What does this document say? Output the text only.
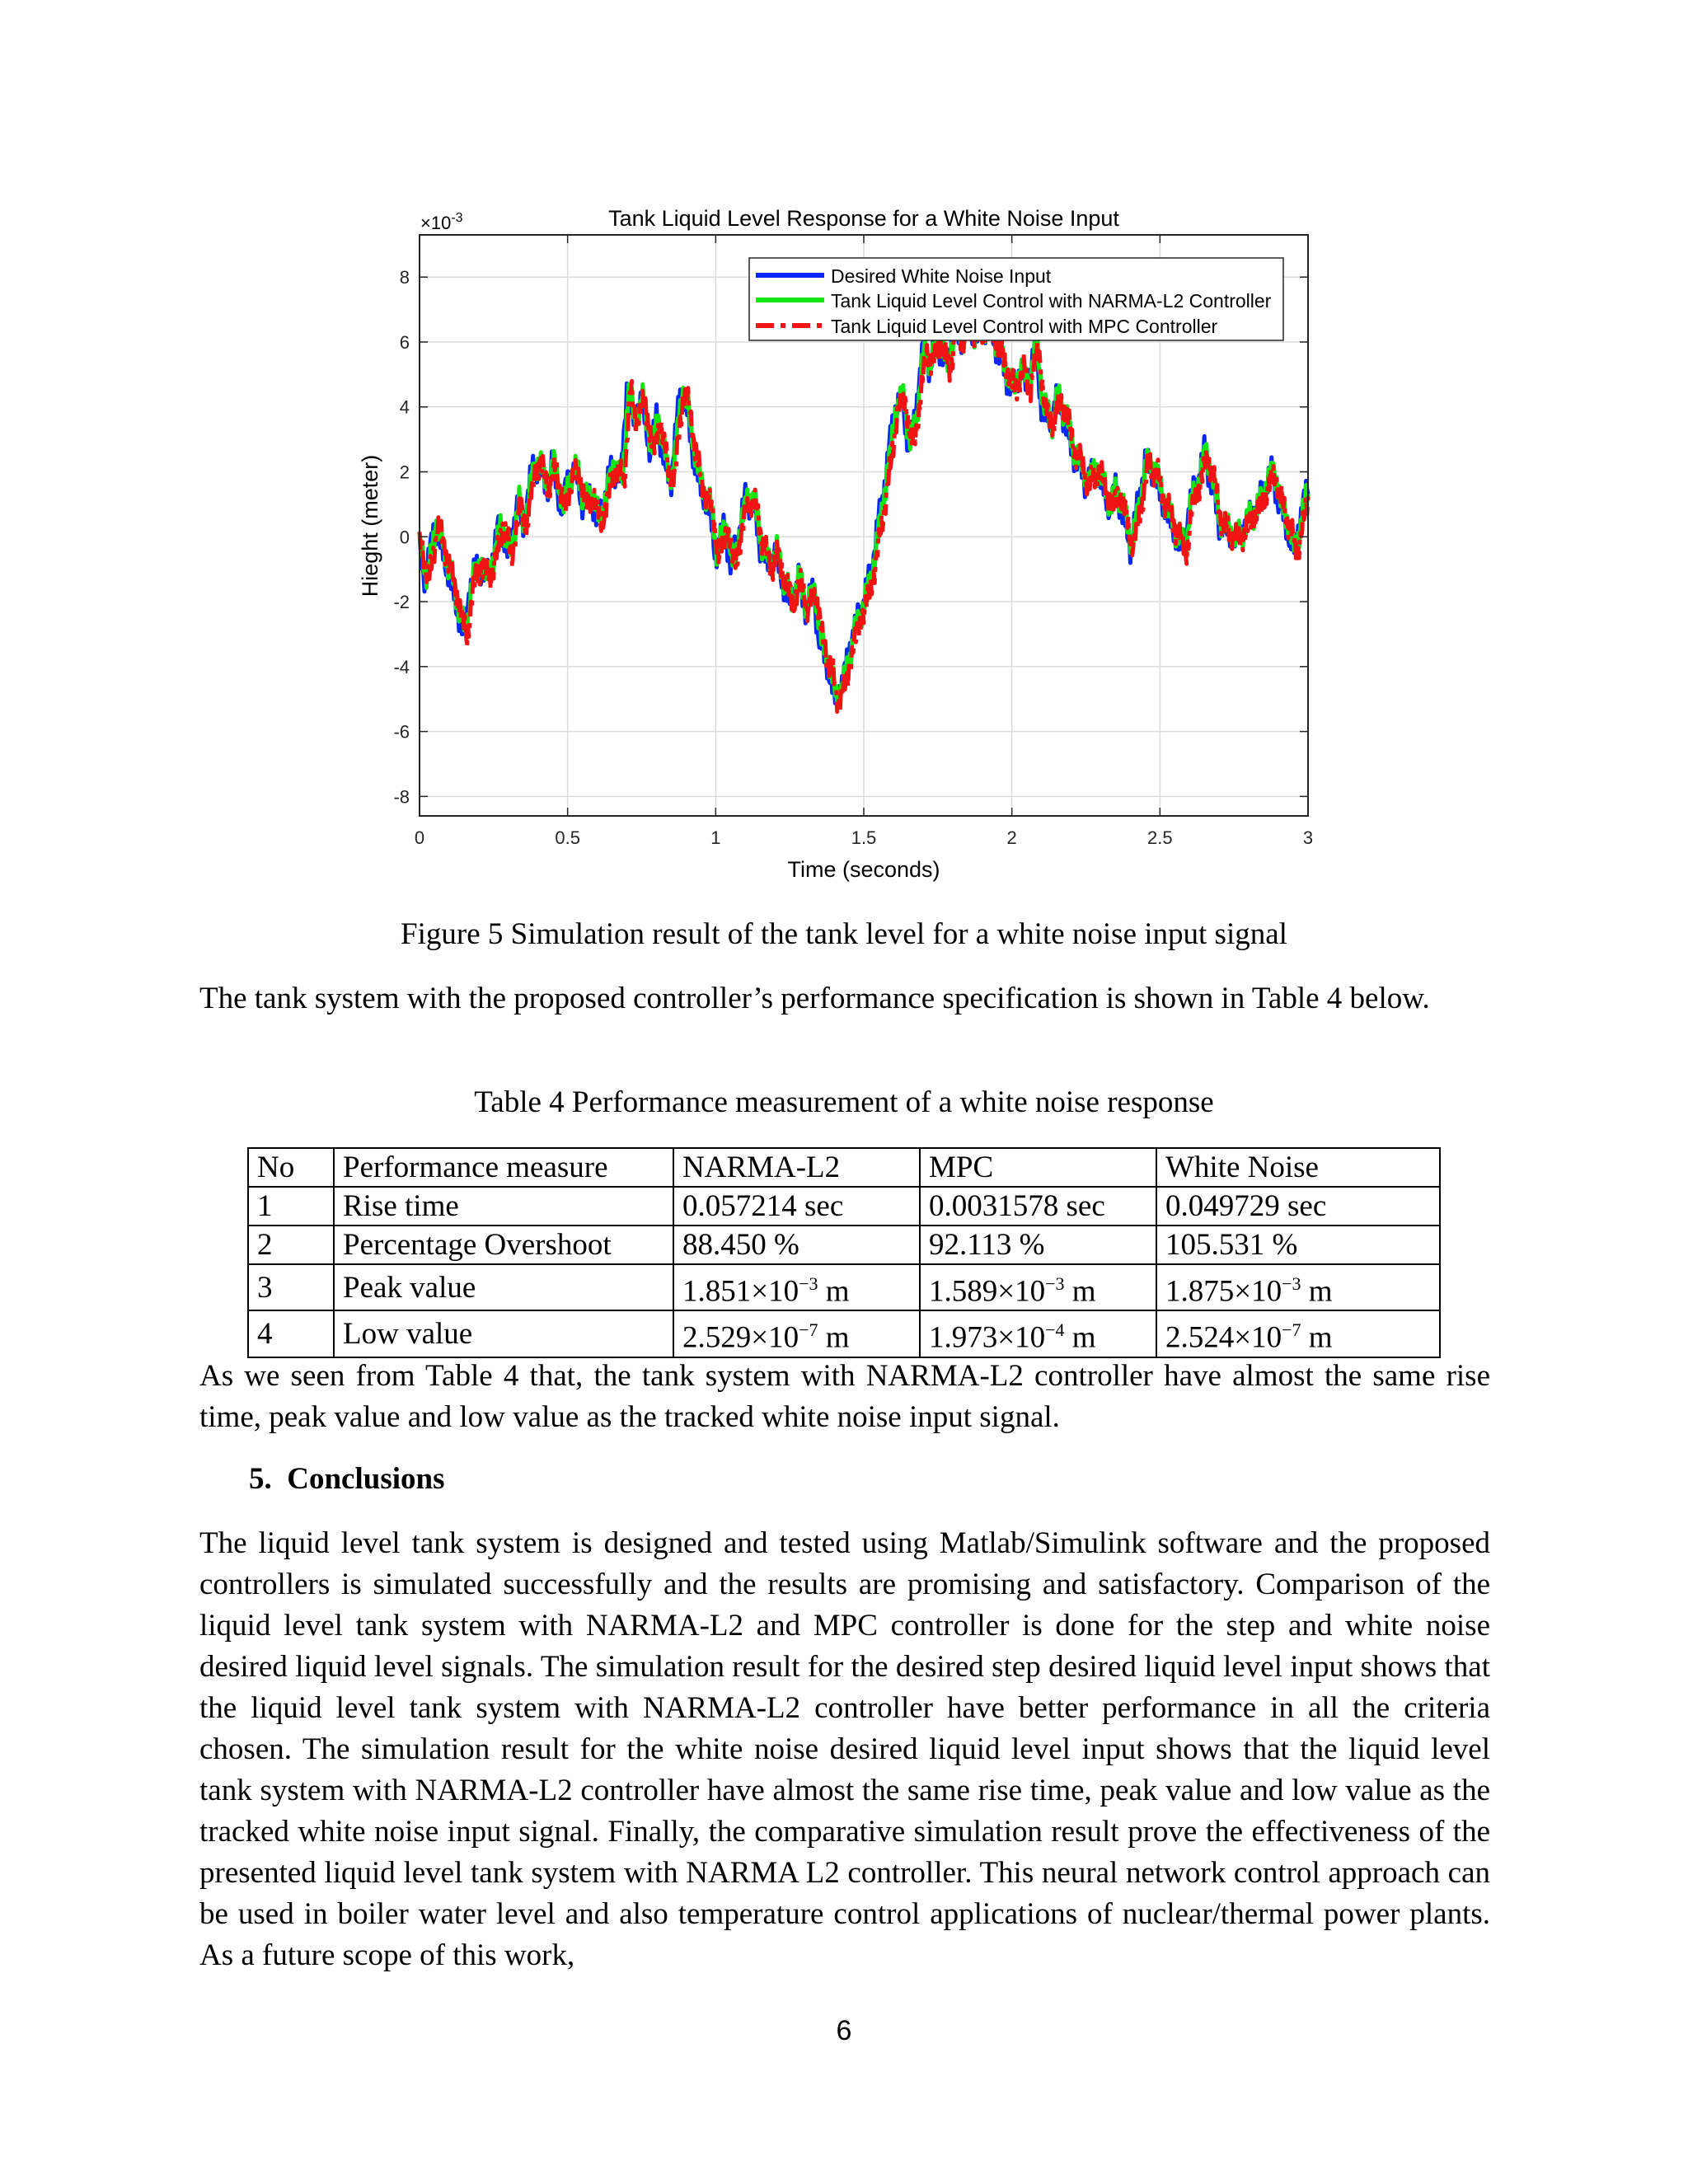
0	0.5	1	1.5	2	2.5	3
-8
-6
-4
-2
0
2
4
6
8
Tank Liquid Level Response for a White Noise Input
Time (seconds)
Hieght (meter)
$\times 10^{-3}$
Desired White Noise Input
Tank Liquid Level Control with NARMA-L2 Controller
Tank Liquid Level Control with MPC Controller
Figure 5 Simulation result of the tank level for a white noise input signal

The tank system with the proposed controller’s performance specification is shown in Table 4 below.

Table 4 Performance measurement of a white noise response
No	Performance measure	NARMA-L2	MPC	White Noise
1	Rise time	0.057214 sec	0.0031578 sec	0.049729 sec
2	Percentage Overshoot	88.450 %	92.113 %	105.531 %
3	Peak value	$1.851\times 10^{-3}$ m	$1.589\times 10^{-3}$ m	$1.875\times 10^{-3}$ m
4	Low value	$2.529\times 10^{-7}$ m	$1.973\times 10^{-4}$ m	$2.524\times 10^{-7}$ m

As we seen from Table 4 that, the tank system with NARMA-L2 controller have almost the same rise time, peak value and low value as the tracked white noise input signal.

5. Conclusions

The liquid level tank system is designed and tested using Matlab/Simulink software and the proposed controllers is simulated successfully and the results are promising and satisfactory. Comparison of the liquid level tank system with NARMA-L2 and MPC controller is done for the step and white noise desired liquid level signals. The simulation result for the desired step desired liquid level input shows that the liquid level tank system with NARMA-L2 controller have better performance in all the criteria chosen. The simulation result for the white noise desired liquid level input shows that the liquid level tank system with NARMA-L2 controller have almost the same rise time, peak value and low value as the tracked white noise input signal. Finally, the comparative simulation result prove the effectiveness of the presented liquid level tank system with NARMA L2 controller. This neural network control approach can be used in boiler water level and also temperature control applications of nuclear/thermal power plants. As a future scope of this work,

6
